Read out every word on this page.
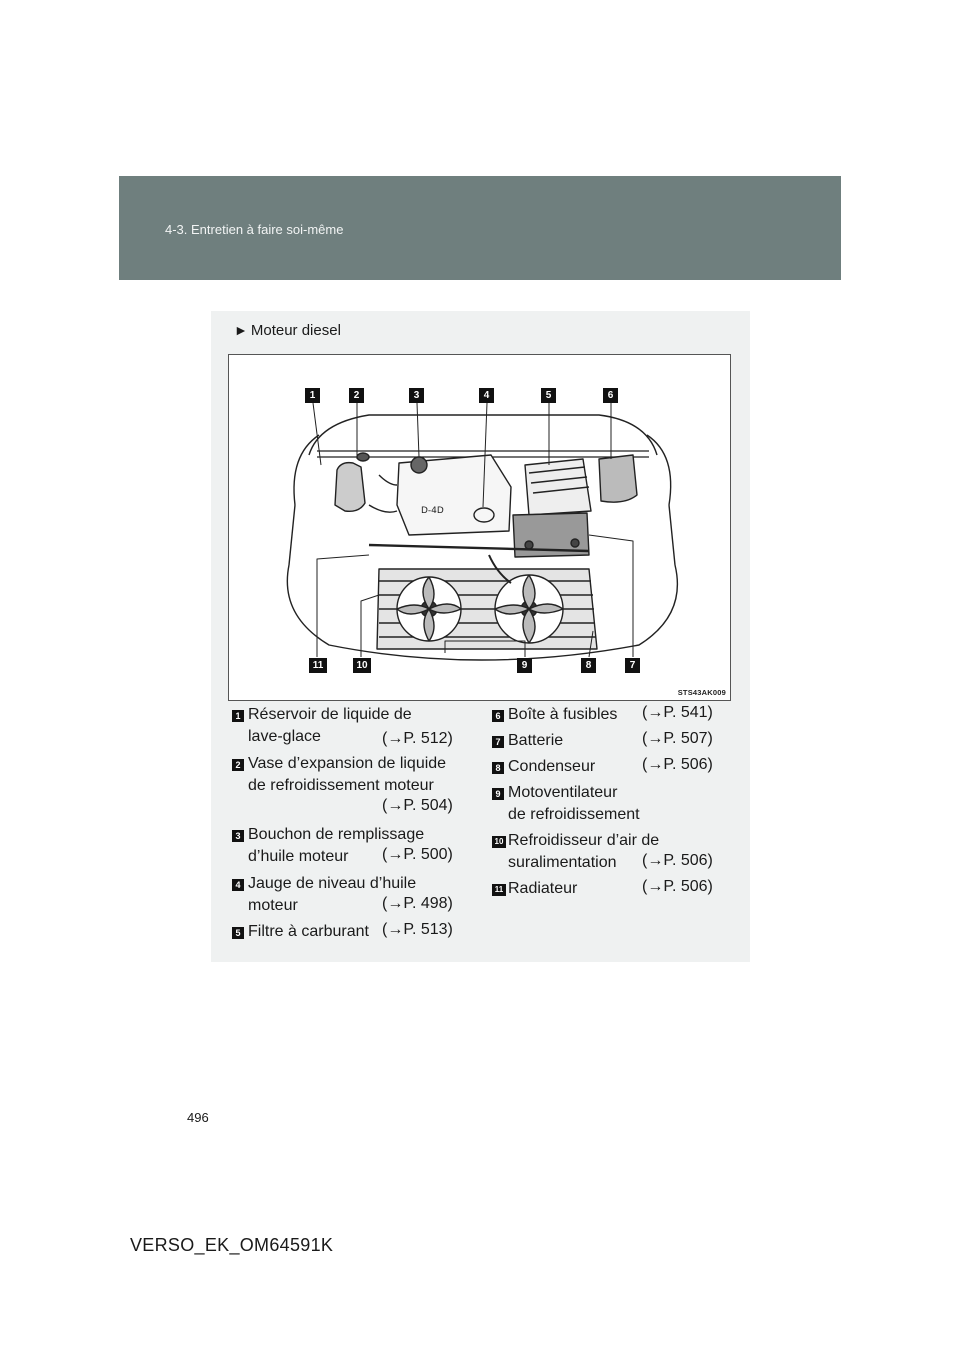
4-3. Entretien à faire soi-même
► Moteur diesel
D-4D
1	2	3	4	5	6
11	10	9	8	7
STS43AK009
1 Réservoir de liquide de
lave-glace	(→P. 512)
2 Vase d’expansion de liquide
de refroidissement moteur
(→P. 504)
3 Bouchon de remplissage
d’huile moteur	(→P. 500)
4 Jauge de niveau d’huile
moteur	(→P. 498)
5 Filtre à carburant (→P. 513)
6 Boîte à fusibles (→P. 541)
7 Batterie	(→P. 507)
8 Condenseur	(→P. 506)
9 Motoventilateur
de refroidissement
10 Refroidisseur d’air de
suralimentation	(→P. 506)
11 Radiateur	(→P. 506)
496
VERSO_EK_OM64591K
